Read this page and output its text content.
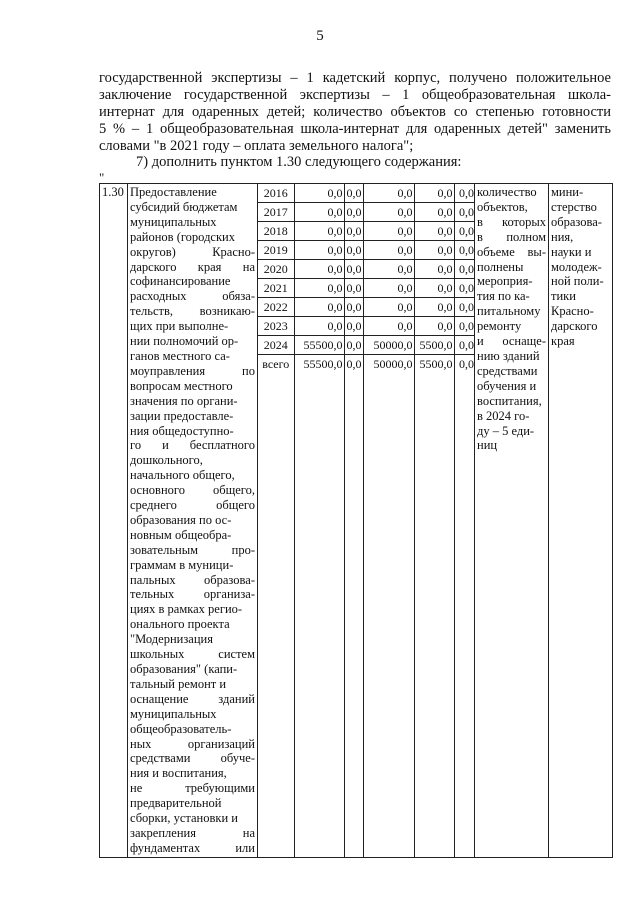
5
государственной экспертизы – 1 кадетский корпус, получено положительное
заключение государственной экспертизы – 1 общеобразовательная школа-
интернат для одаренных детей; количество объектов со степенью готовности
5 % – 1 общеобразовательная школа-интернат для одаренных детей" заменить
словами "в 2021 году – оплата земельного налога";
7) дополнить пунктом 1.30 следующего содержания:
"
1.30	Предоставление
субсидий бюджетам
муниципальных
районов (городских
округов) Красно-
дарского края на
софинансирование
расходных обяза-
тельств, возникаю-
щих при выполне-
нии полномочий ор-
ганов местного са-
моуправления по
вопросам местного
значения по органи-
зации предоставле-
ния общедоступно-
го и бесплатного
дошкольного,
начального общего,
основного общего,
среднего общего
образования по ос-
новным общеобра-
зовательным про-
граммам в муници-
пальных образова-
тельных организа-
циях в рамках регио-
онального проекта
"Модернизация
школьных систем
образования" (капи-
тальный ремонт и
оснащение зданий
муниципальных
общеобразователь-
ных организаций
средствами обуче-
ния и воспитания,
не требующими
предварительной
сборки, установки и
закрепления на
фундаментах или

2016	0,0	0,0	0,0	0,0	0,0
2017	0,0	0,0	0,0	0,0	0,0
2018	0,0	0,0	0,0	0,0	0,0
2019	0,0	0,0	0,0	0,0	0,0
2020	0,0	0,0	0,0	0,0	0,0
2021	0,0	0,0	0,0	0,0	0,0
2022	0,0	0,0	0,0	0,0	0,0
2023	0,0	0,0	0,0	0,0	0,0
2024	55500,0	0,0	50000,0	5500,0	0,0
всего	55500,0	0,0	50000,0	5500,0	0,0

количество
объектов,
в которых
в полном
объеме вы-
полнены
мероприя-
тия по ка-
питальному
ремонту
и оснаще-
нию зданий
средствами
обучения и
воспитания,
в 2024 го-
ду – 5 еди-
ниц

мини-
стерство
образова-
ния,
науки и
молодеж-
ной поли-
тики
Красно-
дарского
края
